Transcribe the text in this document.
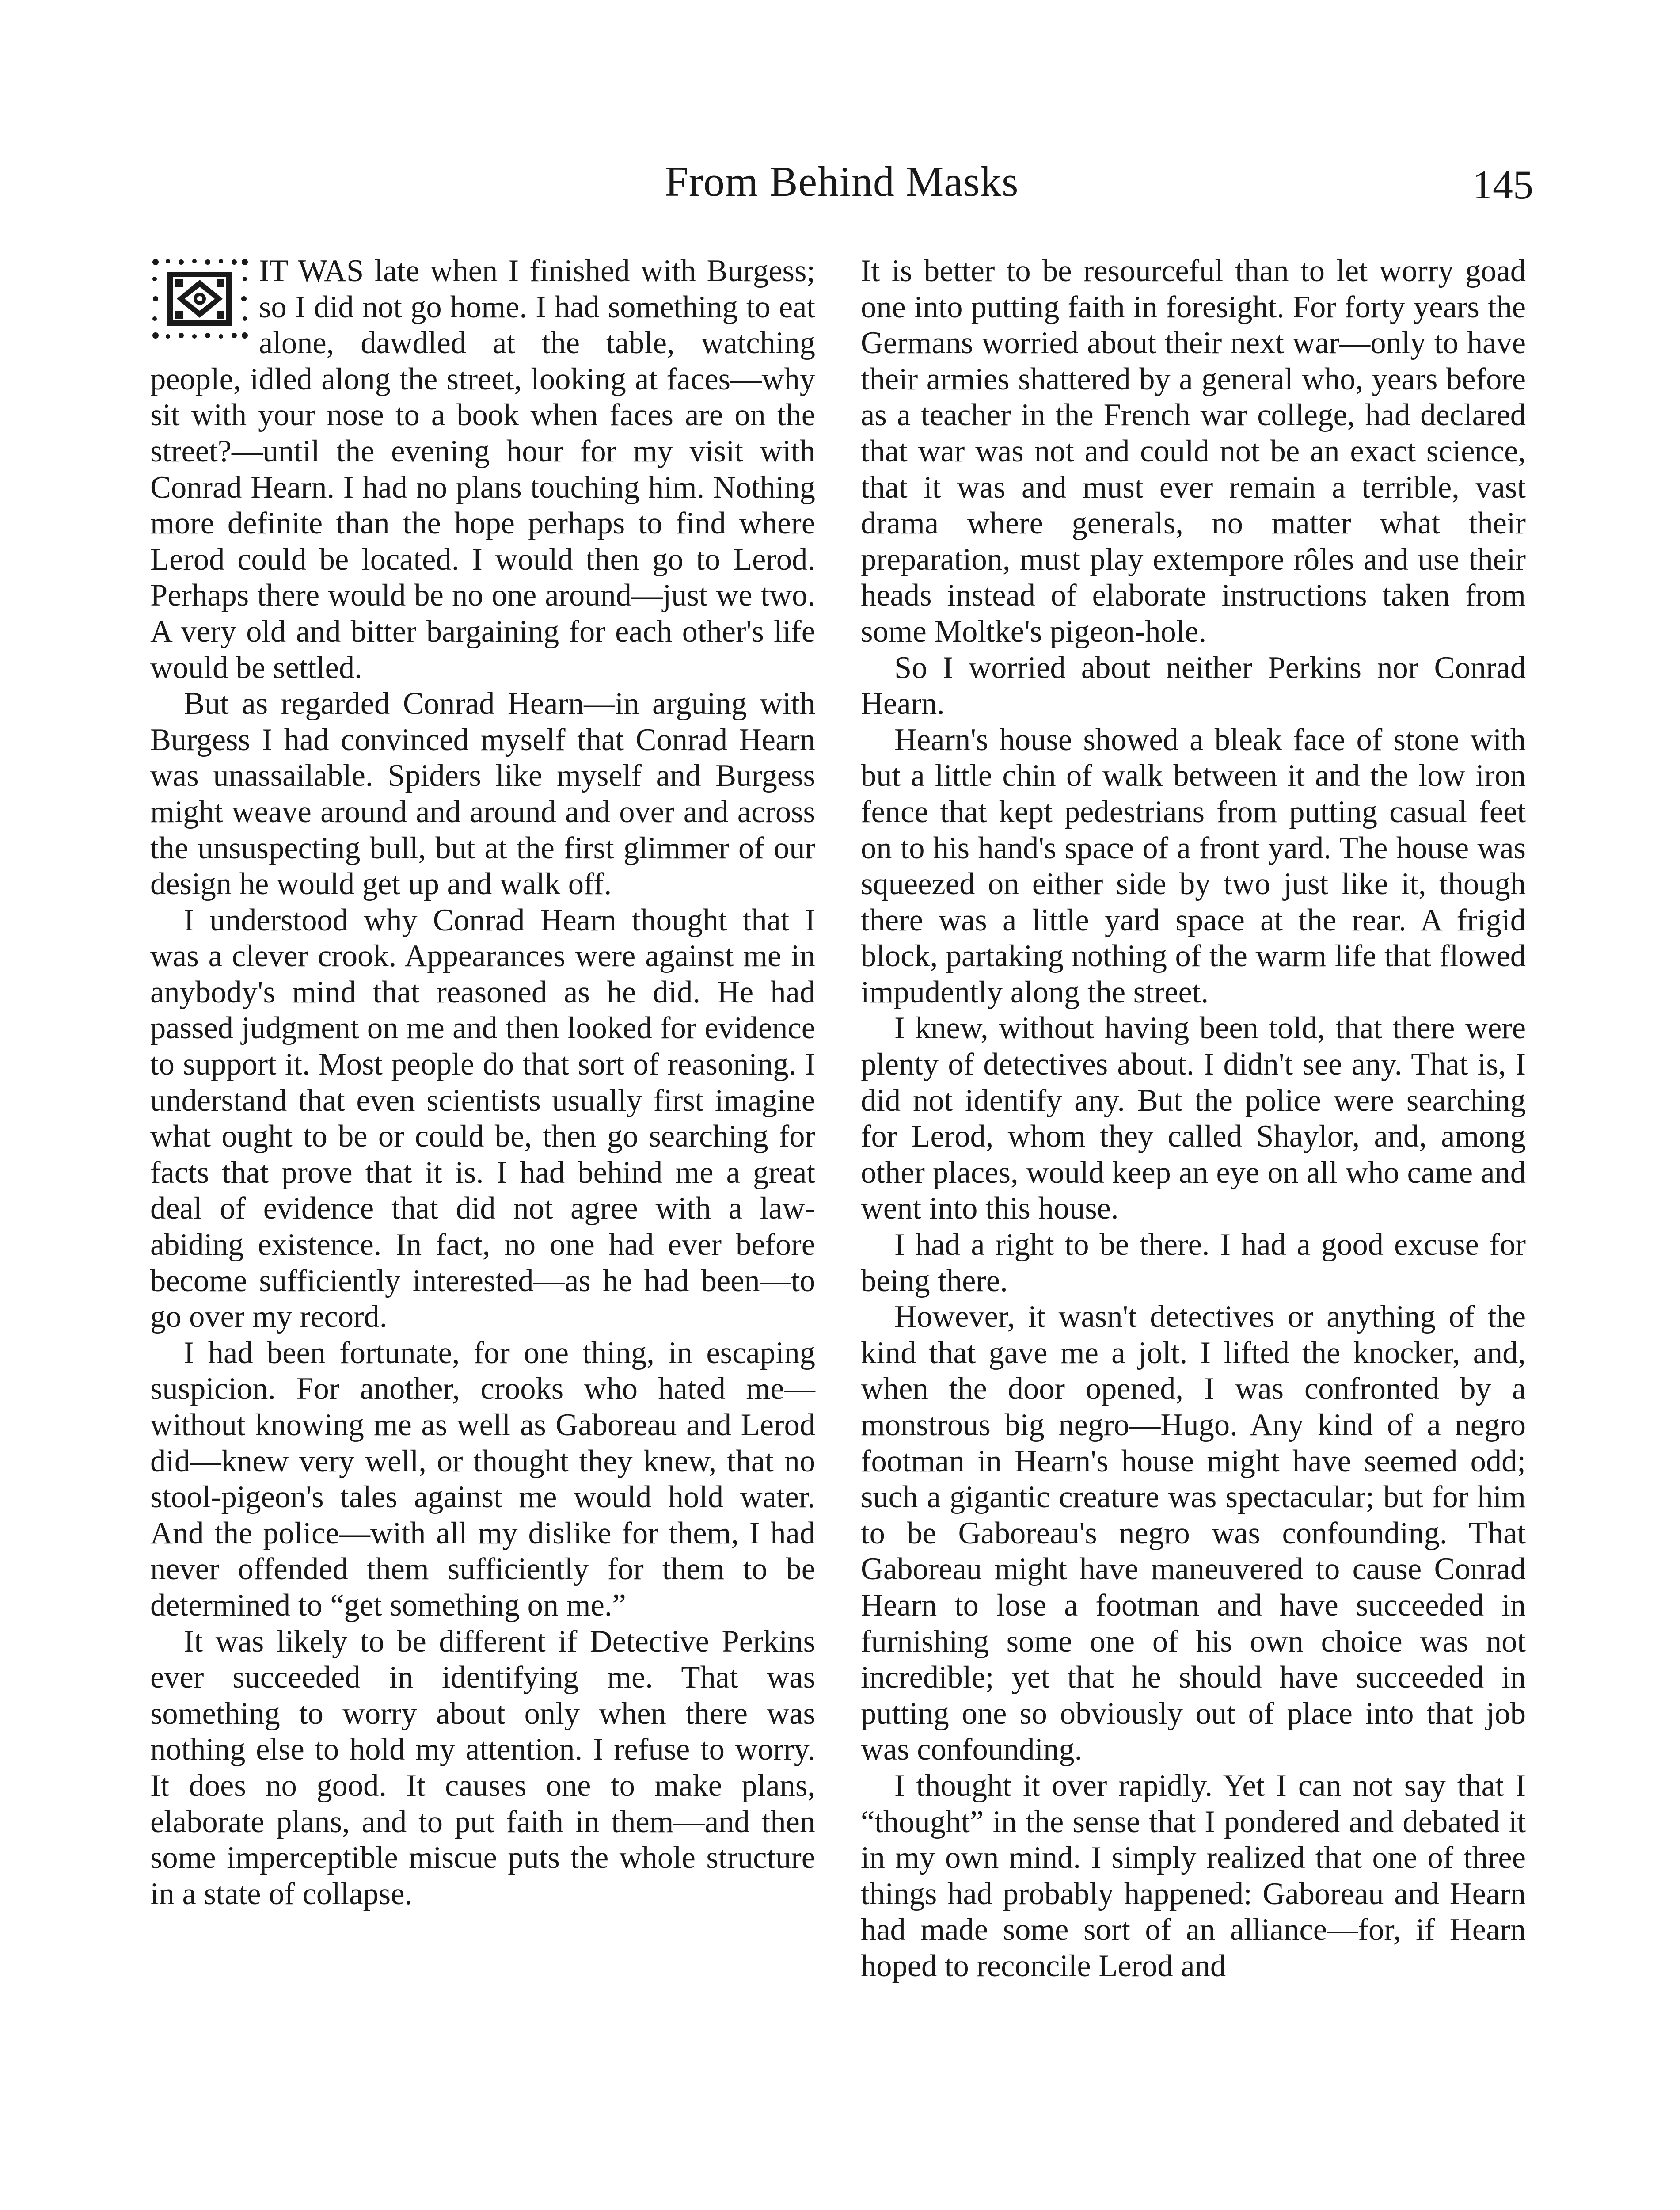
From Behind Masks	145

IT WAS late when I finished with Burgess; so I did not go home. I had something to eat alone, dawdled at the table, watching people, idled along the street, looking at faces—why sit with your nose to a book when faces are on the street?—until the evening hour for my visit with Conrad Hearn. I had no plans touching him. Nothing more definite than the hope perhaps to find where Lerod could be located. I would then go to Lerod. Perhaps there would be no one around—just we two. A very old and bitter bargaining for each other's life would be settled.

But as regarded Conrad Hearn—in arguing with Burgess I had convinced myself that Conrad Hearn was unassailable. Spiders like myself and Burgess might weave around and around and over and across the unsuspecting bull, but at the first glimmer of our design he would get up and walk off.

I understood why Conrad Hearn thought that I was a clever crook. Appearances were against me in anybody's mind that reasoned as he did. He had passed judgment on me and then looked for evidence to support it. Most people do that sort of reasoning. I understand that even scientists usually first imagine what ought to be or could be, then go searching for facts that prove that it is. I had behind me a great deal of evidence that did not agree with a law-abiding existence. In fact, no one had ever before become sufficiently interested—as he had been—to go over my record.

I had been fortunate, for one thing, in escaping suspicion. For another, crooks who hated me—without knowing me as well as Gaboreau and Lerod did—knew very well, or thought they knew, that no stool-pigeon's tales against me would hold water. And the police—with all my dislike for them, I had never offended them sufficiently for them to be determined to “get something on me.”

It was likely to be different if Detective Perkins ever succeeded in identifying me. That was something to worry about only when there was nothing else to hold my attention. I refuse to worry. It does no good. It causes one to make plans, elaborate plans, and to put faith in them—and then some imperceptible miscue puts the whole structure in a state of collapse.

It is better to be resourceful than to let worry goad one into putting faith in foresight. For forty years the Germans worried about their next war—only to have their armies shattered by a general who, years before as a teacher in the French war college, had declared that war was not and could not be an exact science, that it was and must ever remain a terrible, vast drama where generals, no matter what their preparation, must play extempore rôles and use their heads instead of elaborate instructions taken from some Moltke's pigeon-hole.

So I worried about neither Perkins nor Conrad Hearn.

Hearn's house showed a bleak face of stone with but a little chin of walk between it and the low iron fence that kept pedestrians from putting casual feet on to his hand's space of a front yard. The house was squeezed on either side by two just like it, though there was a little yard space at the rear. A frigid block, partaking nothing of the warm life that flowed impudently along the street.

I knew, without having been told, that there were plenty of detectives about. I didn't see any. That is, I did not identify any. But the police were searching for Lerod, whom they called Shaylor, and, among other places, would keep an eye on all who came and went into this house.

I had a right to be there. I had a good excuse for being there.

However, it wasn't detectives or anything of the kind that gave me a jolt. I lifted the knocker, and, when the door opened, I was confronted by a monstrous big negro—Hugo. Any kind of a negro footman in Hearn's house might have seemed odd; such a gigantic creature was spectacular; but for him to be Gaboreau's negro was confounding. That Gaboreau might have maneuvered to cause Conrad Hearn to lose a footman and have succeeded in furnishing some one of his own choice was not incredible; yet that he should have succeeded in putting one so obviously out of place into that job was confounding.

I thought it over rapidly. Yet I can not say that I “thought” in the sense that I pondered and debated it in my own mind. I simply realized that one of three things had probably happened: Gaboreau and Hearn had made some sort of an alliance—for, if Hearn hoped to reconcile Lerod and
